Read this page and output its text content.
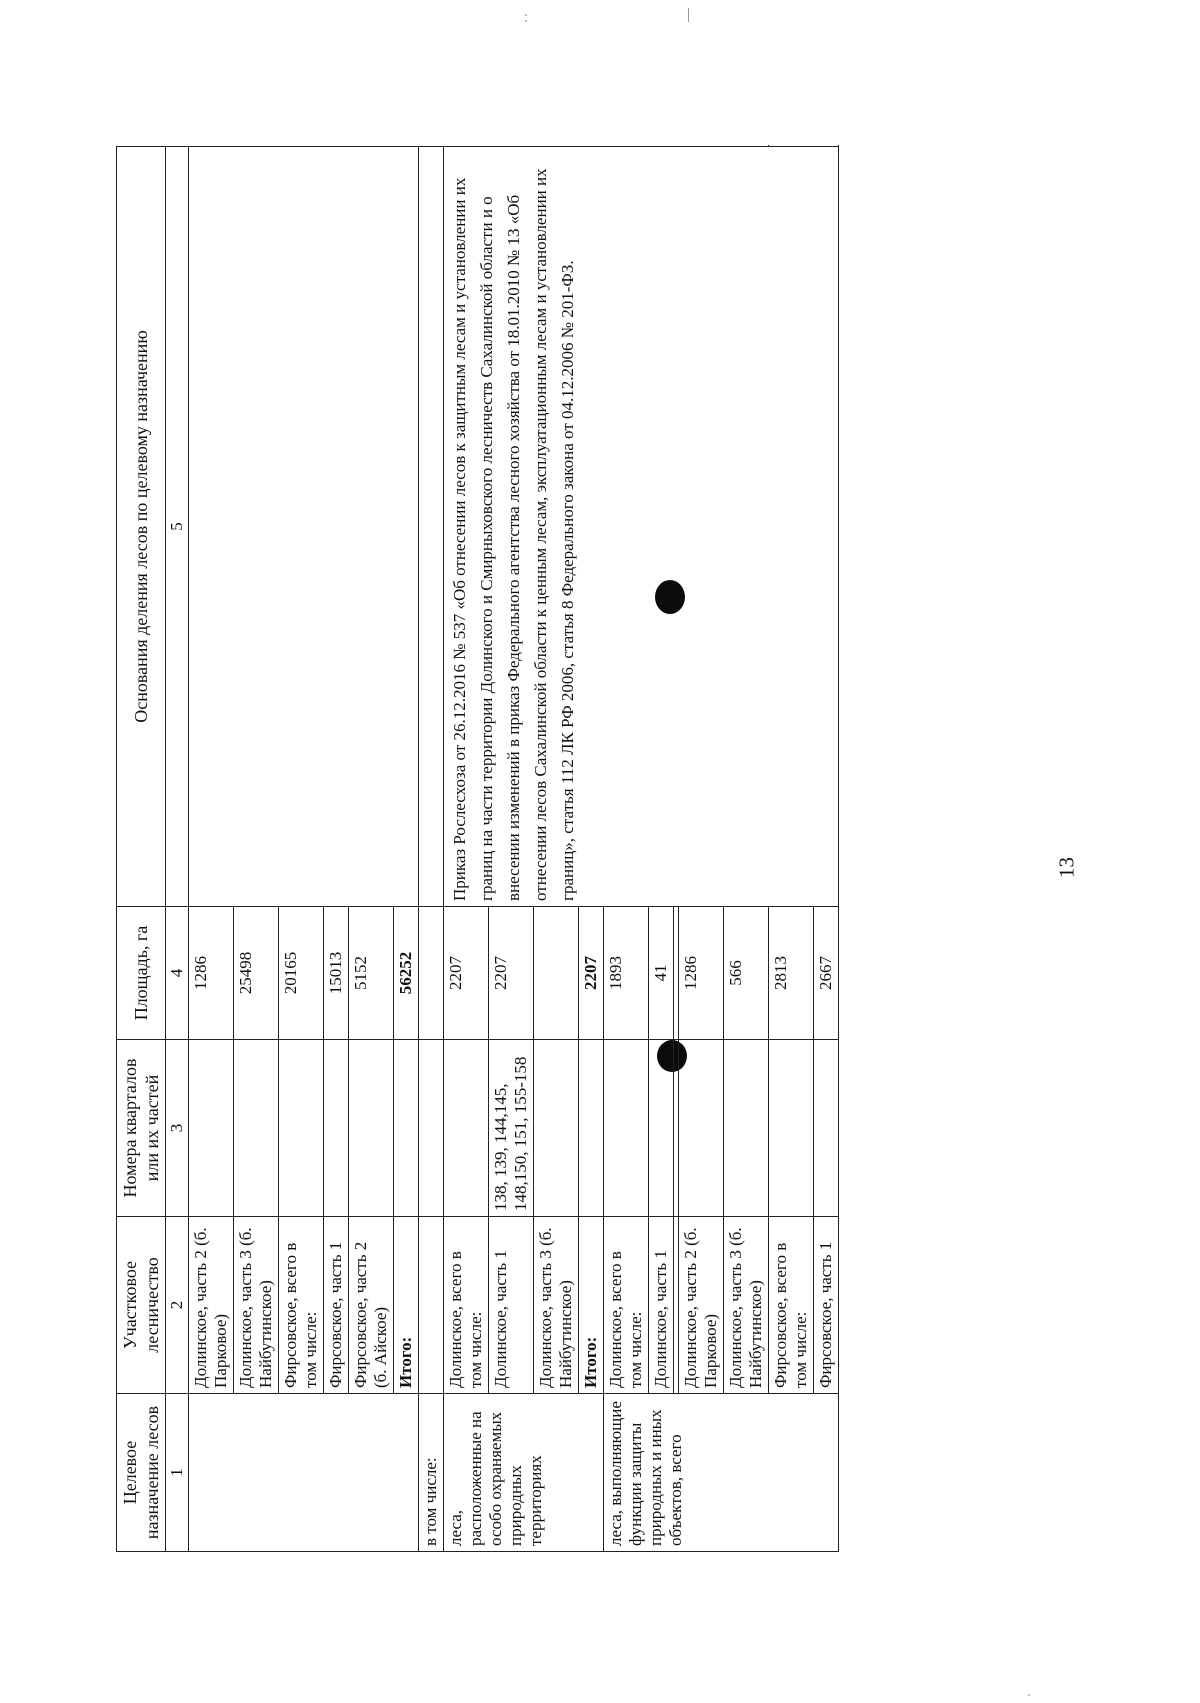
13
Целевое назначение лесов	Участковое лесничество	Номера кварталов или их частей	Площадь, га	Основания деления лесов по целевому назначению	
1	2	3	4	5	
	Долинское, часть 2 (б. Парковое)		1286		
	Долинское, часть 3 (б. Найбутинское)		25498		
	Фирсовское, всего в том числе:		20165		
	Фирсовское, часть 1		15013		
	Фирсовское, часть 2 (б. Айское)		5152		
	Итого:		56252		
в том числе:					
леса, расположенные на особо охраняемых природных территориях	Долинское, всего в том числе:		2207	Приказ Рослесхоза от 26.12.2016 № 537 «Об отнесении лесов к защитным лесам и установлении их границ на части территории Долинского и Смирныховского лесничеств Сахалинской области и о внесении изменений в приказ Федерального агентства лесного хозяйства от 18.01.2010 № 13 «Об отнесении лесов Сахалинской области к ценным лесам, эксплуатационным лесам и установлении их границ», статья 112 ЛК РФ 2006, статья 8 Федерального закона от 04.12.2006 № 201-ФЗ.	
	Долинское, часть 1	138, 139, 144,145, 148,150, 151, 155-158	2207		
	Долинское, часть 3 (б. Найбутинское)				
	Итого:		2207		
леса, выполняющие функции защиты природных и иных объектов, всего	Долинское, всего в том числе:		1893		
	Долинское, часть 1		41		

	Долинское, часть 2 (б. Парковое)		1286		
	Долинское, часть 3 (б. Найбутинское)		566		
	Фирсовское, всего в том числе:		2813		
	Фирсовское, часть 1		2667		
